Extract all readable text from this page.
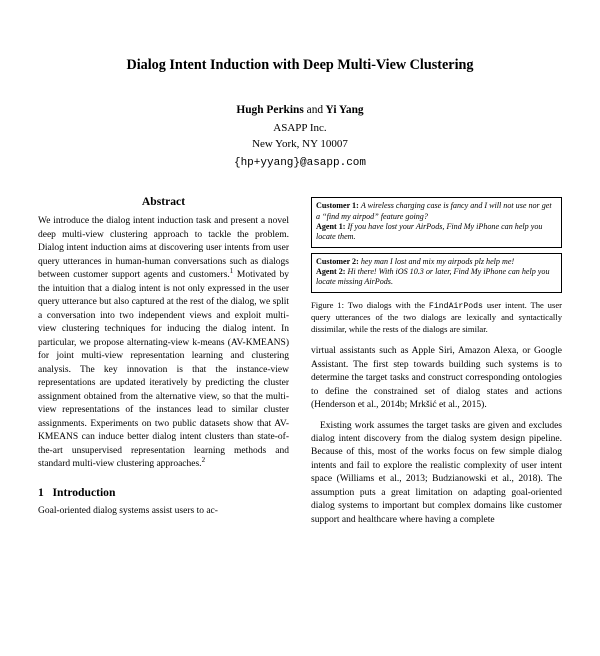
Dialog Intent Induction with Deep Multi-View Clustering
Hugh Perkins and Yi Yang
ASAPP Inc.
New York, NY 10007
{hp+yyang}@asapp.com
Abstract

We introduce the dialog intent induction task and present a novel deep multi-view clustering approach to tackle the problem. Dialog intent induction aims at discovering user intents from user query utterances in human-human conversations such as dialogs between customer support agents and customers.$^1$ Motivated by the intuition that a dialog intent is not only expressed in the user query utterance but also captured at the rest of the dialog, we split a conversation into two independent views and exploit multi-view clustering techniques for inducing the dialog intent. In particular, we propose alternating-view k-means (AV-KMEANS) for joint multi-view representation learning and clustering analysis. The key innovation is that the instance-view representations are updated iteratively by predicting the cluster assignment obtained from the alternative view, so that the multi-view representations of the instances lead to similar cluster assignments. Experiments on two public datasets show that AV-KMEANS can induce better dialog intent clusters than state-of-the-art unsupervised representation learning methods and standard multi-view clustering approaches.$^2$

1 Introduction

Goal-oriented dialog systems assist users to ac-

Customer 1: A wireless charging case is fancy and I will not use nor get a “find my airpod” feature going?
Agent 1: If you have lost your AirPods, Find My iPhone can help you locate them.
Customer 2: hey man I lost and mix my airpods plz help me!
Agent 2: Hi there! With iOS 10.3 or later, Find My iPhone can help you locate missing AirPods.
Figure 1: Two dialogs with the FindAirPods user intent. The user query utterances of the two dialogs are lexically and syntactically dissimilar, while the rests of the dialogs are similar.

virtual assistants such as Apple Siri, Amazon Alexa, or Google Assistant. The first step towards building such systems is to determine the target tasks and construct corresponding ontologies to define the constrained set of dialog states and actions (Henderson et al., 2014b; Mrkšić et al., 2015).

Existing work assumes the target tasks are given and excludes dialog intent discovery from the dialog system design pipeline. Because of this, most of the works focus on few simple dialog intents and fail to explore the realistic complexity of user intent space (Williams et al., 2013; Budzianowski et al., 2018). The assumption puts a great limitation on adapting goal-oriented dialog systems to important but complex domains like customer support and healthcare where having a complete
